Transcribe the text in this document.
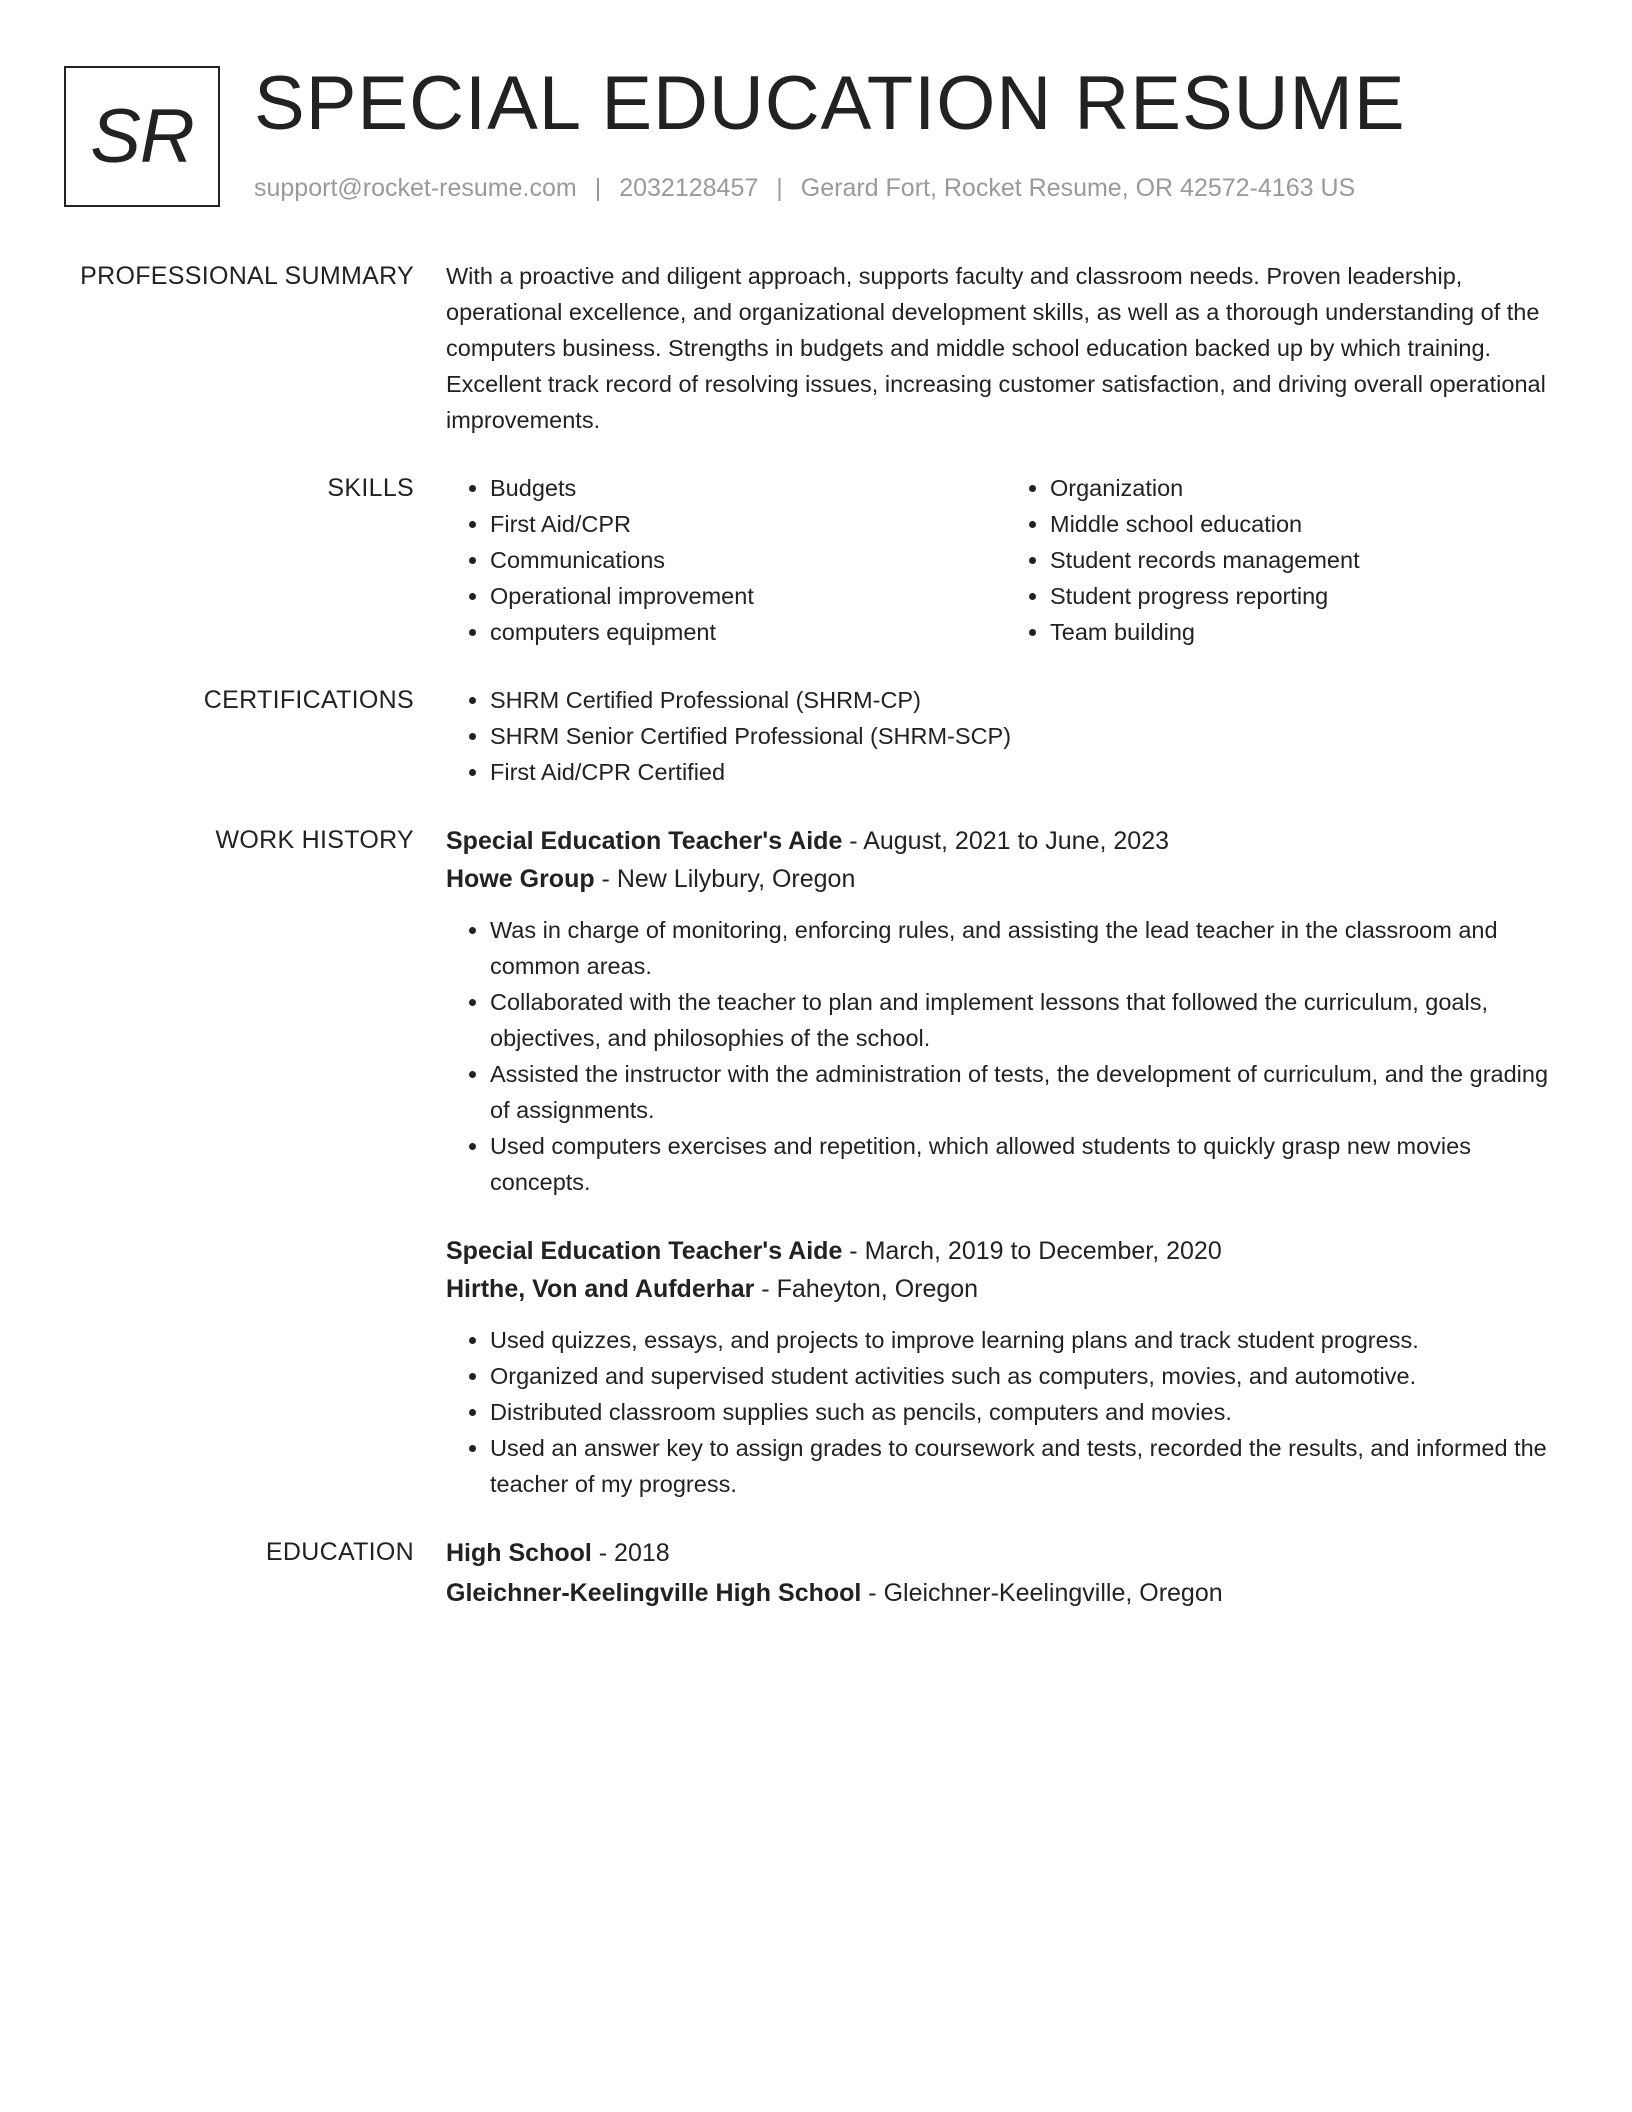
SR SPECIAL EDUCATION RESUME
support@rocket-resume.com | 2032128457 | Gerard Fort, Rocket Resume, OR 42572-4163 US
PROFESSIONAL SUMMARY With a proactive and diligent approach, supports faculty and classroom needs. Proven leadership, operational excellence, and organizational development skills, as well as a thorough understanding of the computers business. Strengths in budgets and middle school education backed up by which training. Excellent track record of resolving issues, increasing customer satisfaction, and driving overall operational improvements.
SKILLS	• Budgets
• First Aid/CPR
• Communications
• Operational improvement
• computers equipment
• Organization
• Middle school education
• Student records management
• Student progress reporting
• Team building
CERTIFICATIONS	• SHRM Certified Professional (SHRM-CP)
• SHRM Senior Certified Professional (SHRM-SCP)
• First Aid/CPR Certified
WORK HISTORY Special Education Teacher's Aide - August, 2021 to June, 2023
Howe Group - New Lilybury, Oregon
• Was in charge of monitoring, enforcing rules, and assisting the lead teacher in the classroom and common areas.
• Collaborated with the teacher to plan and implement lessons that followed the curriculum, goals, objectives, and philosophies of the school.
• Assisted the instructor with the administration of tests, the development of curriculum, and the grading of assignments.
• Used computers exercises and repetition, which allowed students to quickly grasp new movies concepts.
Special Education Teacher's Aide - March, 2019 to December, 2020
Hirthe, Von and Aufderhar - Faheyton, Oregon
• Used quizzes, essays, and projects to improve learning plans and track student progress.
• Organized and supervised student activities such as computers, movies, and automotive.
• Distributed classroom supplies such as pencils, computers and movies.
• Used an answer key to assign grades to coursework and tests, recorded the results, and informed the teacher of my progress.
EDUCATION High School - 2018
Gleichner-Keelingville High School - Gleichner-Keelingville, Oregon
